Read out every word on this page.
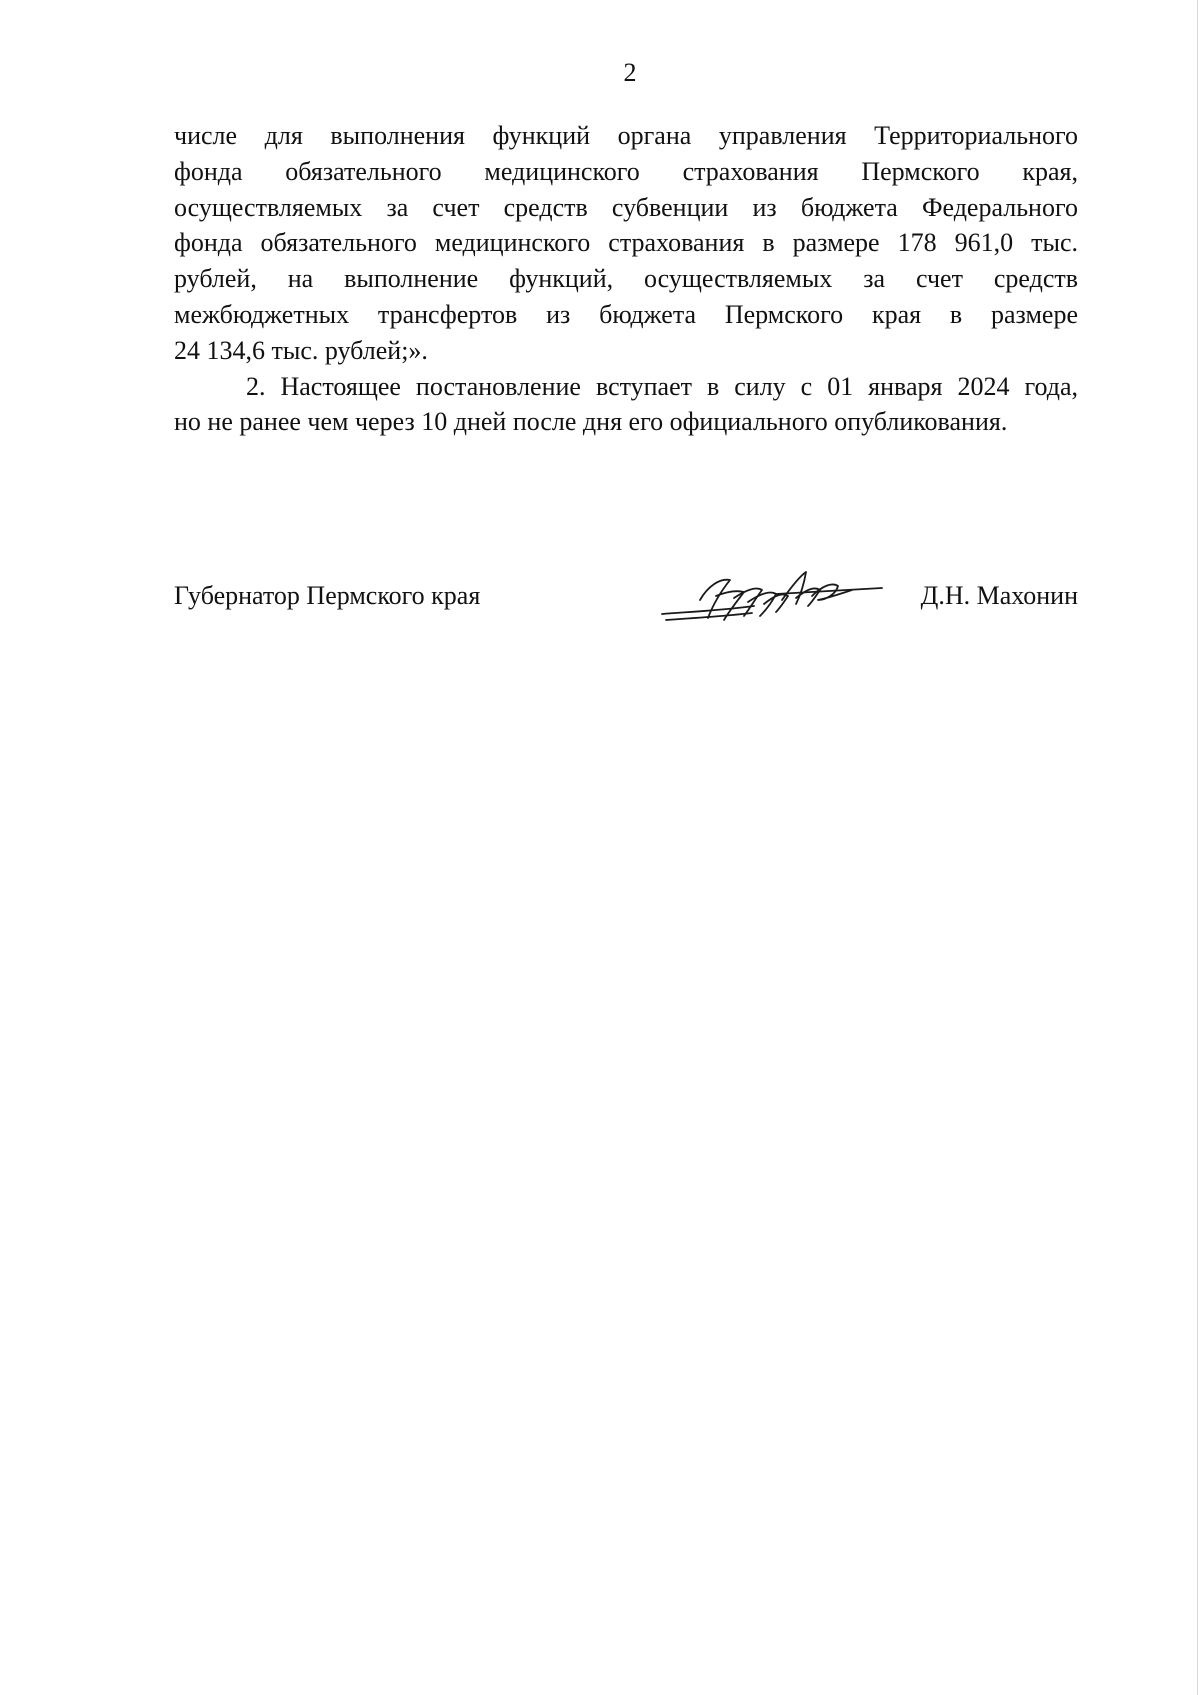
2
числе для выполнения функций органа управления Территориального
фонда обязательного медицинского страхования Пермского края,
осуществляемых за счет средств субвенции из бюджета Федерального
фонда обязательного медицинского страхования в размере 178 961,0 тыс.
рублей, на выполнение функций, осуществляемых за счет средств
межбюджетных трансфертов из бюджета Пермского края в размере
24 134,6 тыс. рублей;».
2. Настоящее постановление вступает в силу с 01 января 2024 года,
но не ранее чем через 10 дней после дня его официального опубликования.
Губернатор Пермского края	Д.Н. Махонин
